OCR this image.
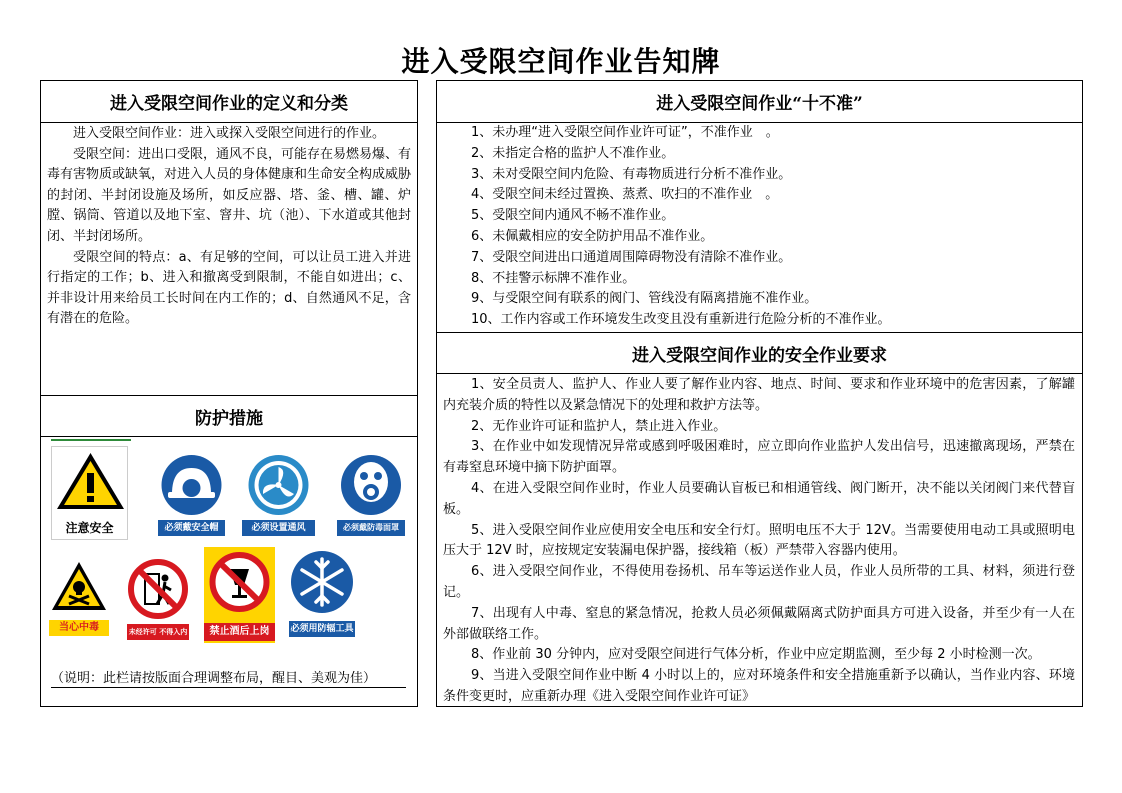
进入受限空间作业告知牌
进入受限空间作业的定义和分类

进入受限空间作业：进入或探入受限空间进行的作业。

受限空间：进出口受限，通风不良，可能存在易燃易爆、有毒有害物质或缺氧，对进入人员的身体健康和生命安全构成威胁的封闭、半封闭设施及场所，如反应器、塔、釜、槽、罐、炉膛、锅筒、管道以及地下室、窨井、坑（池）、下水道或其他封闭、半封闭场所。

受限空间的特点：a、有足够的空间，可以让员工进入并进行指定的工作；b、进入和撤离受到限制，不能自如进出；c、并非设计用来给员工长时间在内工作的；d、自然通风不足，含有潜在的危险。

防护措施
注意安全	必须戴安全帽	必须设置通风	必须戴防毒面罩
当心中毒	未经许可 不得入内	禁止酒后上岗	必须用防辐工具
（说明：此栏请按版面合理调整布局，醒目、美观为佳）
进入受限空间作业“十不准”

1、未办理“进入受限空间作业许可证”，不准作业　。

2、未指定合格的监护人不准作业。

3、未对受限空间内危险、有毒物质进行分析不准作业。

4、受限空间未经过置换、蒸煮、吹扫的不准作业　。

5、受限空间内通风不畅不准作业。

6、未佩戴相应的安全防护用品不准作业。

7、受限空间进出口通道周围障碍物没有清除不准作业。

8、不挂警示标牌不准作业。

9、与受限空间有联系的阀门、管线没有隔离措施不准作业。

10、工作内容或工作环境发生改变且没有重新进行危险分析的不准作业。

进入受限空间作业的安全作业要求

1、安全员责人、监护人、作业人要了解作业内容、地点、时间、要求和作业环境中的危害因素，了解罐内充装介质的特性以及紧急情况下的处理和救护方法等。

2、无作业许可证和监护人，禁止进入作业。

3、在作业中如发现情况异常或感到呼吸困难时，应立即向作业监护人发出信号，迅速撤离现场，严禁在有毒窒息环境中摘下防护面罩。

4、在进入受限空间作业时，作业人员要确认盲板已和相通管线、阀门断开，决不能以关闭阀门来代替盲板。

5、进入受限空间作业应使用安全电压和安全行灯。照明电压不大于 12V。当需要使用电动工具或照明电压大于 12V 时，应按规定安装漏电保护器，接线箱（板）严禁带入容器内使用。

6、进入受限空间作业，不得使用卷扬机、吊车等运送作业人员，作业人员所带的工具、材料，须进行登记。

7、出现有人中毒、窒息的紧急情况，抢救人员必须佩戴隔离式防护面具方可进入设备，并至少有一人在外部做联络工作。

8、作业前 30 分钟内，应对受限空间进行气体分析，作业中应定期监测，至少每 2 小时检测一次。

9、当进入受限空间作业中断 4 小时以上的，应对环境条件和安全措施重新予以确认，当作业内容、环境条件变更时，应重新办理《进入受限空间作业许可证》
